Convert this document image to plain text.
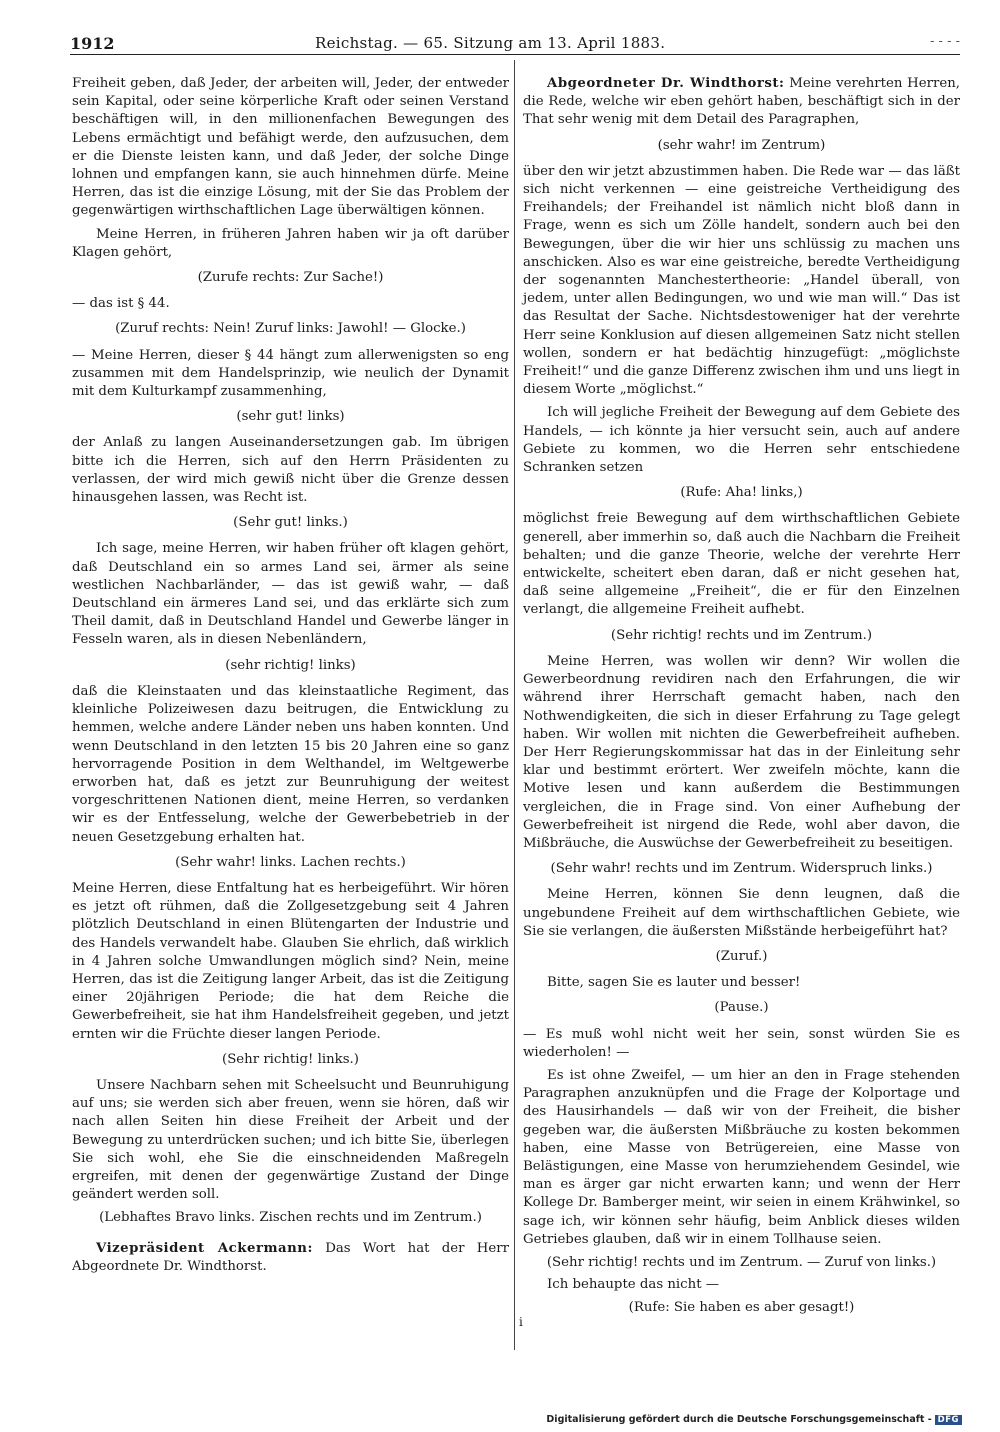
1912	Reichstag. — 65. Sitzung am 13. April 1883.	- - - -
i

Freiheit geben, daß Jeder, der arbeiten will, Jeder, der entweder sein Kapital, oder seine körperliche Kraft oder seinen Verstand beschäftigen will, in den millionenfachen Bewegungen des Lebens ermächtigt und befähigt werde, den aufzusuchen, dem er die Dienste leisten kann, und daß Jeder, der solche Dinge lohnen und empfangen kann, sie auch hinnehmen dürfe. Meine Herren, das ist die einzige Lösung, mit der Sie das Problem der gegenwärtigen wirthschaftlichen Lage überwältigen können.

Meine Herren, in früheren Jahren haben wir ja oft darüber Klagen gehört,

(Zurufe rechts: Zur Sache!)

— das ist § 44.

(Zuruf rechts: Nein! Zuruf links: Jawohl! — Glocke.)

— Meine Herren, dieser § 44 hängt zum allerwenigsten so eng zusammen mit dem Handelsprinzip, wie neulich der Dynamit mit dem Kulturkampf zusammenhing,

(sehr gut! links)

der Anlaß zu langen Auseinandersetzungen gab. Im übrigen bitte ich die Herren, sich auf den Herrn Präsidenten zu verlassen, der wird mich gewiß nicht über die Grenze dessen hinausgehen lassen, was Recht ist.

(Sehr gut! links.)

Ich sage, meine Herren, wir haben früher oft klagen gehört, daß Deutschland ein so armes Land sei, ärmer als seine westlichen Nachbarländer, — das ist gewiß wahr, — daß Deutschland ein ärmeres Land sei, und das erklärte sich zum Theil damit, daß in Deutschland Handel und Gewerbe länger in Fesseln waren, als in diesen Nebenländern,

(sehr richtig! links)

daß die Kleinstaaten und das kleinstaatliche Regiment, das kleinliche Polizeiwesen dazu beitrugen, die Entwicklung zu hemmen, welche andere Länder neben uns haben konnten. Und wenn Deutschland in den letzten 15 bis 20 Jahren eine so ganz hervorragende Position in dem Welthandel, im Weltgewerbe erworben hat, daß es jetzt zur Beunruhigung der weitest vorgeschrittenen Nationen dient, meine Herren, so verdanken wir es der Entfesselung, welche der Gewerbebetrieb in der neuen Gesetzgebung erhalten hat.

(Sehr wahr! links. Lachen rechts.)

Meine Herren, diese Entfaltung hat es herbeigeführt. Wir hören es jetzt oft rühmen, daß die Zollgesetzgebung seit 4 Jahren plötzlich Deutschland in einen Blütengarten der Industrie und des Handels verwandelt habe. Glauben Sie ehrlich, daß wirklich in 4 Jahren solche Umwandlungen möglich sind? Nein, meine Herren, das ist die Zeitigung langer Arbeit, das ist die Zeitigung einer 20jährigen Periode; die hat dem Reiche die Gewerbefreiheit, sie hat ihm Handelsfreiheit gegeben, und jetzt ernten wir die Früchte dieser langen Periode.

(Sehr richtig! links.)

Unsere Nachbarn sehen mit Scheelsucht und Beunruhigung auf uns; sie werden sich aber freuen, wenn sie hören, daß wir nach allen Seiten hin diese Freiheit der Arbeit und der Bewegung zu unterdrücken suchen; und ich bitte Sie, überlegen Sie sich wohl, ehe Sie die einschneidenden Maßregeln ergreifen, mit denen der gegenwärtige Zustand der Dinge geändert werden soll.

(Lebhaftes Bravo links. Zischen rechts und im Zentrum.)

Vizepräsident Ackermann: Das Wort hat der Herr Abgeordnete Dr. Windthorst.

Abgeordneter Dr. Windthorst: Meine verehrten Herren, die Rede, welche wir eben gehört haben, beschäftigt sich in der That sehr wenig mit dem Detail des Paragraphen,

(sehr wahr! im Zentrum)

über den wir jetzt abzustimmen haben. Die Rede war — das läßt sich nicht verkennen — eine geistreiche Vertheidigung des Freihandels; der Freihandel ist nämlich nicht bloß dann in Frage, wenn es sich um Zölle handelt, sondern auch bei den Bewegungen, über die wir hier uns schlüssig zu machen uns anschicken. Also es war eine geistreiche, beredte Vertheidigung der sogenannten Manchestertheorie: „Handel überall, von jedem, unter allen Bedingungen, wo und wie man will.“ Das ist das Resultat der Sache. Nichtsdestoweniger hat der verehrte Herr seine Konklusion auf diesen allgemeinen Satz nicht stellen wollen, sondern er hat bedächtig hinzugefügt: „möglichste Freiheit!“ und die ganze Differenz zwischen ihm und uns liegt in diesem Worte „möglichst.“

Ich will jegliche Freiheit der Bewegung auf dem Gebiete des Handels, — ich könnte ja hier versucht sein, auch auf andere Gebiete zu kommen, wo die Herren sehr entschiedene Schranken setzen

(Rufe: Aha! links,)

möglichst freie Bewegung auf dem wirthschaftlichen Gebiete generell, aber immerhin so, daß auch die Nachbarn die Freiheit behalten; und die ganze Theorie, welche der verehrte Herr entwickelte, scheitert eben daran, daß er nicht gesehen hat, daß seine allgemeine „Freiheit“, die er für den Einzelnen verlangt, die allgemeine Freiheit aufhebt.

(Sehr richtig! rechts und im Zentrum.)

Meine Herren, was wollen wir denn? Wir wollen die Gewerbeordnung revidiren nach den Erfahrungen, die wir während ihrer Herrschaft gemacht haben, nach den Nothwendigkeiten, die sich in dieser Erfahrung zu Tage gelegt haben. Wir wollen mit nichten die Gewerbefreiheit aufheben. Der Herr Regierungskommissar hat das in der Einleitung sehr klar und bestimmt erörtert. Wer zweifeln möchte, kann die Motive lesen und kann außerdem die Bestimmungen vergleichen, die in Frage sind. Von einer Aufhebung der Gewerbefreiheit ist nirgend die Rede, wohl aber davon, die Mißbräuche, die Auswüchse der Gewerbefreiheit zu beseitigen.

(Sehr wahr! rechts und im Zentrum. Widerspruch links.)

Meine Herren, können Sie denn leugnen, daß die ungebundene Freiheit auf dem wirthschaftlichen Gebiete, wie Sie sie verlangen, die äußersten Mißstände herbeigeführt hat?

(Zuruf.)

Bitte, sagen Sie es lauter und besser!

(Pause.)

— Es muß wohl nicht weit her sein, sonst würden Sie es wiederholen! —

Es ist ohne Zweifel, — um hier an den in Frage stehenden Paragraphen anzuknüpfen und die Frage der Kolportage und des Hausirhandels — daß wir von der Freiheit, die bisher gegeben war, die äußersten Mißbräuche zu kosten bekommen haben, eine Masse von Betrügereien, eine Masse von Belästigungen, eine Masse von herumziehendem Gesindel, wie man es ärger gar nicht erwarten kann; und wenn der Herr Kollege Dr. Bamberger meint, wir seien in einem Krähwinkel, so sage ich, wir können sehr häufig, beim Anblick dieses wilden Getriebes glauben, daß wir in einem Tollhause seien.

(Sehr richtig! rechts und im Zentrum. — Zuruf von links.)

Ich behaupte das nicht —

(Rufe: Sie haben es aber gesagt!)
Digitalisierung gefördert durch die Deutsche Forschungsgemeinschaft - DFG
